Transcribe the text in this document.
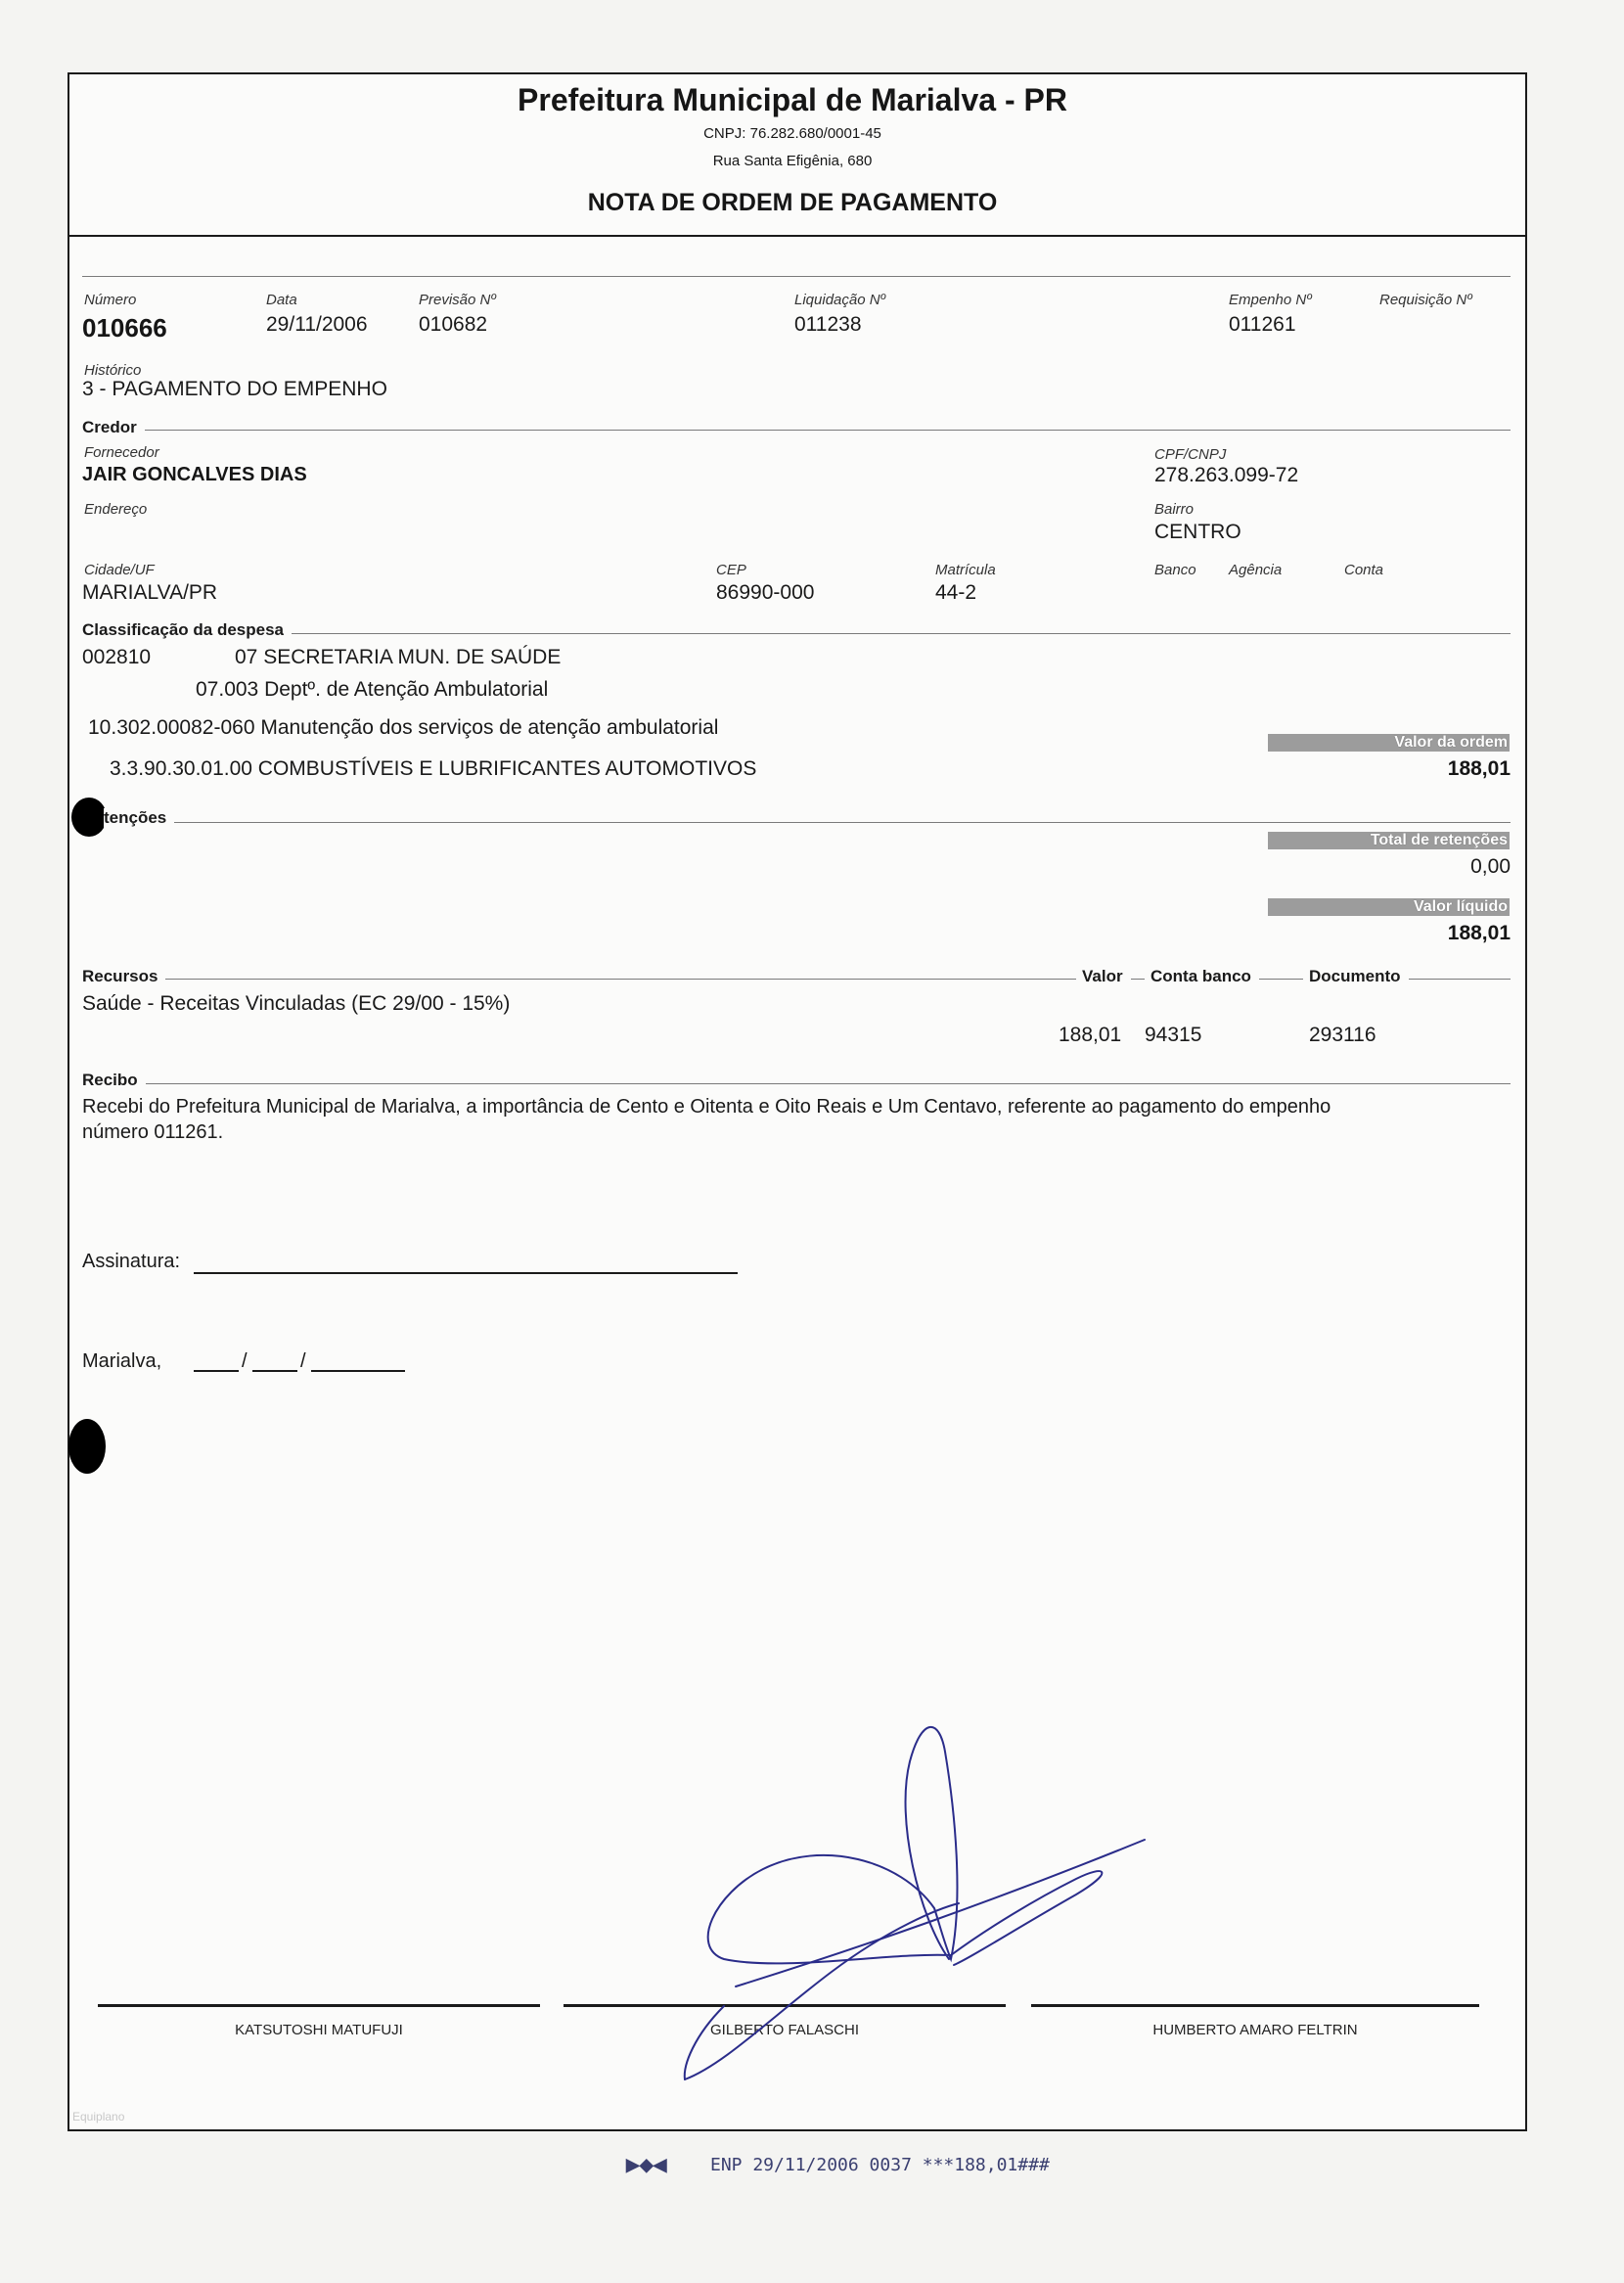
Prefeitura Municipal de Marialva - PR
CNPJ: 76.282.680/0001-45
Rua Santa Efigênia, 680
NOTA DE ORDEM DE PAGAMENTO
Número
010666
Data
29/11/2006
Previsão Nº
010682
Liquidação Nº
011238
Empenho Nº
011261
Requisição Nº
Histórico
3 - PAGAMENTO DO EMPENHO
Credor
Fornecedor
JAIR GONCALVES DIAS
CPF/CNPJ
278.263.099-72
Endereço	Bairro
CENTRO
Cidade/UF
MARIALVA/PR
CEP
86990-000
Matrícula
44-2
Banco Agência	Conta
Classificação da despesa
002810	07 SECRETARIA MUN. DE SAÚDE
07.003 Deptº. de Atenção Ambulatorial
10.302.00082-060 Manutenção dos serviços de atenção ambulatorial
3.3.90.30.01.00 COMBUSTÍVEIS E LUBRIFICANTES AUTOMOTIVOS
Valor da ordem
188,01
tenções
Total de retenções
0,00
Valor líquido
188,01
Recursos	Valor	Conta banco	Documento
Saúde - Receitas Vinculadas (EC 29/00 - 15%)
188,01 94315	293116
Recibo
Recebi do Prefeitura Municipal de Marialva, a importância de Cento e Oitenta e Oito Reais e Um Centavo, referente ao pagamento do empenho
número 011261.
Assinatura:
Marialva,	/	/
KATSUTOSHI MATUFUJI	GILBERTO FALASCHI	HUMBERTO AMARO FELTRIN
Equiplano
▶◆◀ ENP 29/11/2006 0037 ***188,01###
